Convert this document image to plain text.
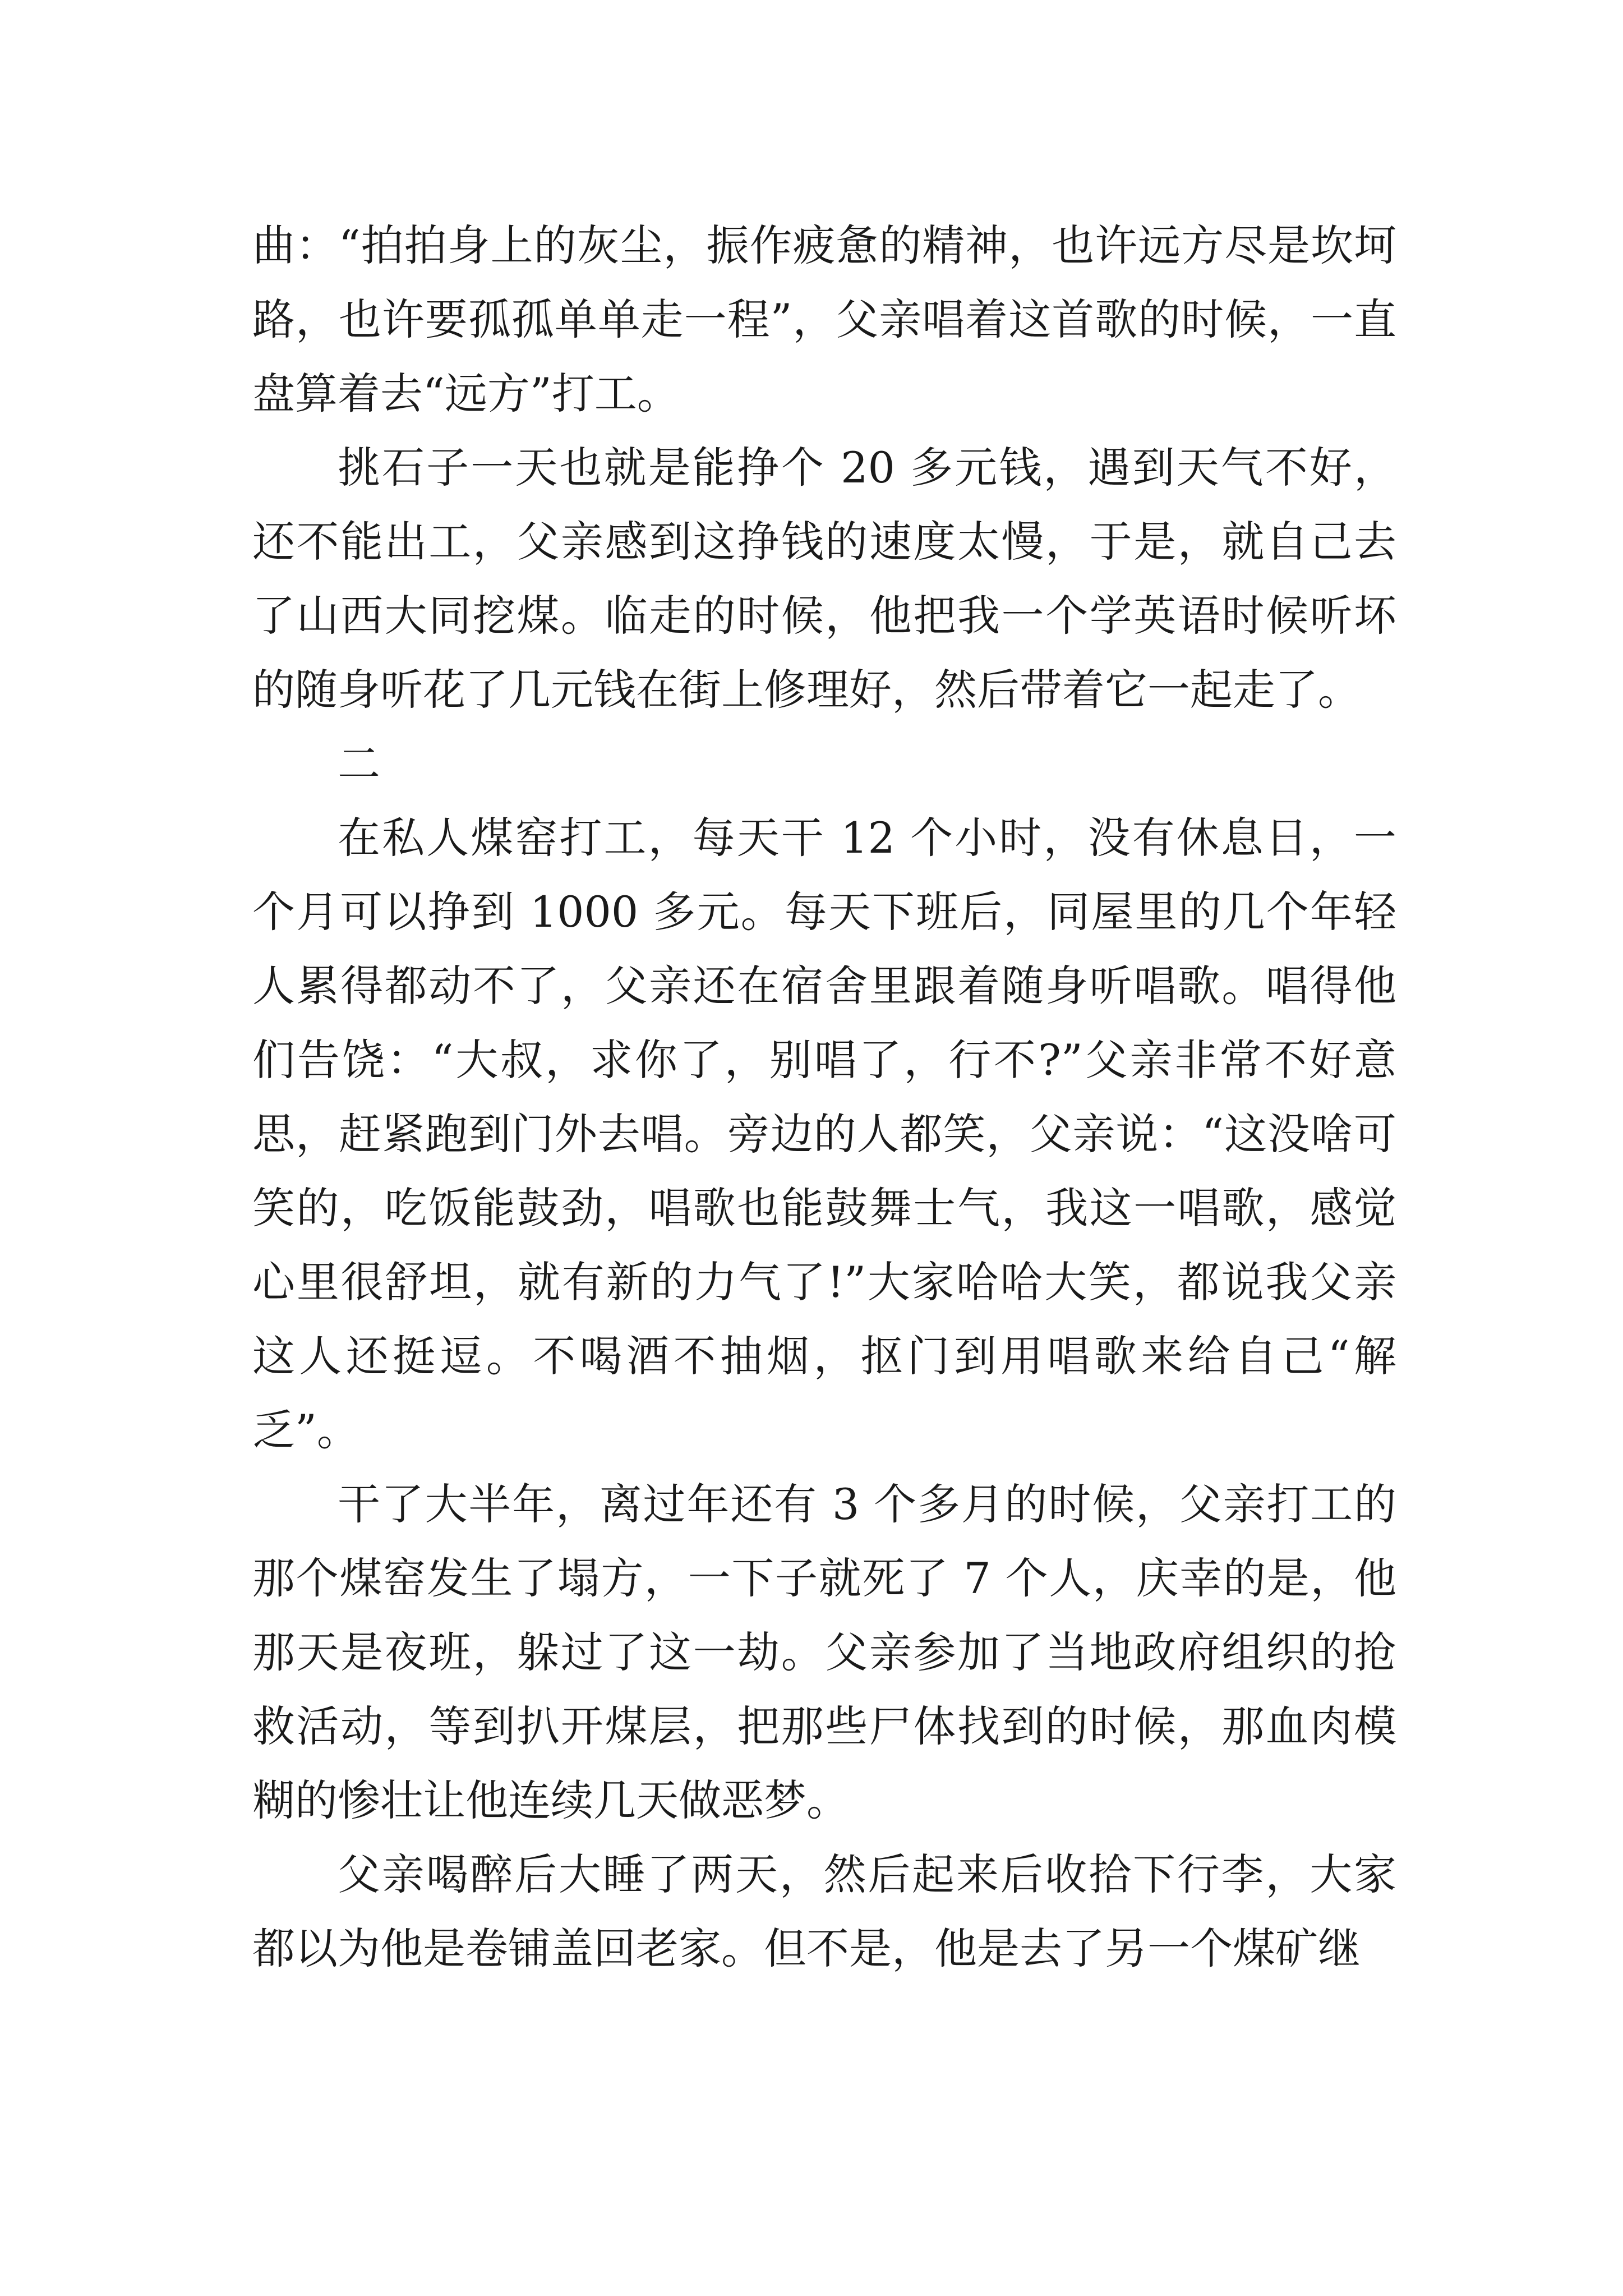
曲：“拍拍身上的灰尘，振作疲惫的精神，也许远方尽是坎坷路，也许要孤孤单单走一程”，父亲唱着这首歌的时候，一直盘算着去“远方”打工。

挑石子一天也就是能挣个 20 多元钱，遇到天气不好，还不能出工，父亲感到这挣钱的速度太慢，于是，就自己去了山西大同挖煤。临走的时候，他把我一个学英语时候听坏的随身听花了几元钱在街上修理好，然后带着它一起走了。

二

在私人煤窑打工，每天干 12 个小时，没有休息日，一个月可以挣到 1000 多元。每天下班后，同屋里的几个年轻人累得都动不了，父亲还在宿舍里跟着随身听唱歌。唱得他们告饶：“大叔，求你了，别唱了，行不?”父亲非常不好意思，赶紧跑到门外去唱。旁边的人都笑，父亲说：“这没啥可笑的，吃饭能鼓劲，唱歌也能鼓舞士气，我这一唱歌，感觉心里很舒坦，就有新的力气了!”大家哈哈大笑，都说我父亲这人还挺逗。不喝酒不抽烟，抠门到用唱歌来给自己“解乏”。

干了大半年，离过年还有 3 个多月的时候，父亲打工的那个煤窑发生了塌方，一下子就死了 7 个人，庆幸的是，他那天是夜班，躲过了这一劫。父亲参加了当地政府组织的抢救活动，等到扒开煤层，把那些尸体找到的时候，那血肉模糊的惨壮让他连续几天做恶梦。

父亲喝醉后大睡了两天，然后起来后收拾下行李，大家都以为他是卷铺盖回老家。但不是，他是去了另一个煤矿继
